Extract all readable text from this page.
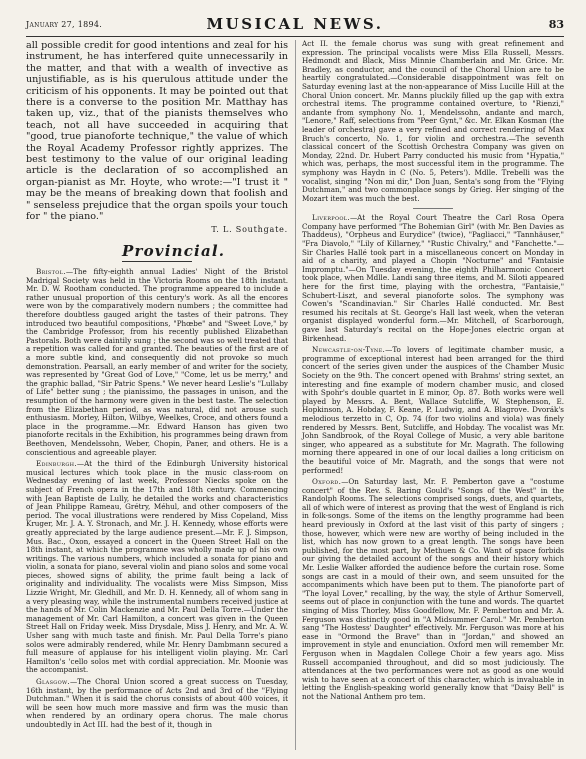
January 27, 1894.	MUSICAL NEWS.	83

all possible credit for good intentions and zeal for his instrument, he has interfered quite unnecessarily in the matter, and that with a wealth of invective as unjustifiable, as is his querulous attitude under the criticism of his opponents. It may be pointed out that there is a converse to the position Mr. Matthay has taken up, viz., that of the pianists themselves who teach, not all have succeeded in acquiring that "good, true pianoforte technique," the value of which the Royal Academy Professor rightly apprizes. The best testimony to the value of our original leading article is the declaration of so accomplished an organ-pianist as Mr. Hoyte, who wrote:—"I trust it " may be the means of breaking down that foolish and " senseless prejudice that the organ spoils your touch for " the piano."

T. L. Southgate.

Provincial.

Bristol.—The fifty-eighth annual Ladies' Night of the Bristol Madrigal Society was held in the Victoria Rooms on the 18th instant. Mr. D. W. Rootham conducted. The programme appeared to include a rather unusual proportion of this century's work. As all the encores were won by the comparatively modern numbers ; the committee had therefore doubtless gauged aright the tastes of their patrons. They introduced two beautiful compositions, "Phœbe" and "Sweet Love," by the Cambridge Professor, from his recently published Elizabethan Pastorals. Both were daintily sung ; the second was so well treated that a repetition was called for and granted. The beauties of the first are of a more subtle kind, and consequently did not provoke so much demonstration. Pearsall, an early member of and writer for the society, was represented by "Great God of Love," "Come, let us be merry," and the graphic ballad, "Sir Patric Spens." We never heard Leslie's "Lullaby of Life" better sung ; the pianissimo, the passages in unison, and the resumption of the harmony were given in the best taste. The selection from the Elizabethan period, as was natural, did not arouse such enthusiasm. Morley, Hilton, Wilbye, Weelkes, Croce, and others found a place in the programme.—Mr. Edward Hanson has given two pianoforte recitals in the Exhibition, his programmes being drawn from Beethoven, Mendelssohn, Weber, Chopin, Paner, and others. He is a conscientious and agreeable player.

Edinburgh.—At the third of the Edinburgh University historical musical lectures which took place in the music class-room on Wednesday evening of last week, Professor Niecks spoke on the subject of French opera in the 17th and 18th century. Commencing with Jean Baptiste de Lully, he detailed the works and characteristics of Jean Philippe Rameau, Grétry, Méhul, and other composers of the period. The vocal illustrations were rendered by Miss Copeland, Miss Kruger, Mr. J. A. Y. Stronach, and Mr. J. H. Kennedy, whose efforts were greatly appreciated by the large audience present.—Mr. F. J. Simpson, Mus. Bac., Oxon, essayed a concert in the Queen Street Hall on the 18th instant, at which the programme was wholly made up of his own writings. The various numbers, which included a sonata for piano and violin, a sonata for piano, several violin and piano solos and some vocal pieces, showed signs of ability, the prime fault being a lack of originality and individuality. The vocalists were Miss Simpson, Miss Lizzie Wright, Mr. Gledhill, and Mr. D. H. Kennedy, all of whom sang in a very pleasing way, while the instrumental numbers received justice at the hands of Mr. Colin Mackenzie and Mr. Paul Della Torre.—Under the management of Mr. Carl Hamilton, a concert was given in the Queen Street Hall on Friday week. Miss Drysdale, Miss J. Henry, and Mr. A. W. Usher sang with much taste and finish. Mr. Paul Della Torre's piano solos were admirably rendered, while Mr. Henry Dambmann secured a full measure of applause for his intelligent violin playing. Mr. Carl Hamilton's 'cello solos met with cordial appreciation. Mr. Moonie was the accompanist.

Glasgow.—The Choral Union scored a great success on Tuesday, 16th instant, by the performance of Acts 2nd and 3rd of the "Flying Dutchman." When it is said the chorus consists of about 400 voices, it will be seen how much more massive and firm was the music than when rendered by an ordinary opera chorus. The male chorus undoubtedly in Act III. had the best of it, though in

Act II. the female chorus was sung with great refinement and expression. The principal vocalists were Miss Ella Russell, Messrs. Hedmondt and Black, Miss Minnie Chamberlain and Mr. Grice. Mr. Bradley, as conductor, and the council of the Choral Union are to be heartily congratulated.—Considerable disappointment was felt on Saturday evening last at the non-appearance of Miss Lucille Hill at the Choral Union concert. Mr. Manns pluckily filled up the gap with extra orchestral items. The programme contained overture, to "Rienzi," andante from symphony No. 1, Mendelssohn, andante and march, "Lenore," Raff, selections from "Peer Gynt," &c. Mr. Elkan Kosman (the leader of orchestra) gave a very refined and correct rendering of Max Bruch's concerto, No. 1, for violin and orchestra.—The seventh classical concert of the Scottish Orchestra Company was given on Monday, 22nd. Dr. Hubert Parry conducted his music from "Hypatia," which was, perhaps, the most successful item in the programme. The symphony was Haydn in C (No. 5, Peters'). Mdlle. Trebelli was the vocalist, singing "Non mi dir," Don Juan, Senta's song from the "Flying Dutchman," and two commonplace songs by Grieg. Her singing of the Mozart item was much the best.

Liverpool.—At the Royal Court Theatre the Carl Rosa Opera Company have performed "The Bohemian Girl" (with Mr. Ben Davies as Thaddeus), "Orpheus and Eurydice" (twice), "Pagliacci," "Tannhäuser," "Fra Diavolo," "Lily of Killarney," "Rustic Chivalry," and "Fanchette."—Sir Charles Hallé took part in a miscellaneous concert on Monday in aid of a charity, and played a Chopin "Nocturne" and "Fantaisie Impromptu."—On Tuesday evening, the eighth Philharmonic Concert took place, when Mdlle. Landi sang three items, and M. Siloti appeared here for the first time, playing with the orchestra, "Fantaisie," Schubert-Liszt, and several pianoforte solos. The symphony was Cowen's "Scandinavian." Sir Charles Hallé conducted. Mr. Best resumed his recitals at St. George's Hall last week, when the veteran organist displayed wonderful form.—Mr. Mitchell, of Scarborough, gave last Saturday's recital on the Hope-Jones electric organ at Birkenhead.

Newcastle-on-Tyne.—To lovers of legitimate chamber music, a programme of exceptional interest had been arranged for the third concert of the series given under the auspices of the Chamber Music Society on the 9th. The concert opened with Brahms' string sextet, an interesting and fine example of modern chamber music, and closed with Spohr's double quartet in E minor, Op. 87. Both works were well played by Messrs. A. Bent, Wallace Sutcliffe, W. Stephenson, E. Hopkinson, A. Hobday, F. Keane, P. Ludwig, and A. Blagrove. Dvorák's melodious terzetto in C, Op. 74 (for two violins and viola) was finely rendered by Messrs. Bent, Sutcliffe, and Hobday. The vocalist was Mr. John Sandbrook, of the Royal College of Music, a very able baritone singer, who appeared as a substitute for Mr. Magrath. The following morning there appeared in one of our local dailies a long criticism on the beautiful voice of Mr. Magrath, and the songs that were not performed!

Oxford.—On Saturday last, Mr. F. Pemberton gave a "costume concert" of the Rev. S. Baring Gould's "Songs of the West" in the Randolph Rooms. The selections comprised songs, duets, and quartets, all of which were of interest as proving that the west of England is rich in folk-songs. Some of the items on the lengthy programme had been heard previously in Oxford at the last visit of this party of singers ; those, however, which were new are worthy of being included in the list, which has now grown to a great length. The songs have been published, for the most part, by Methuen & Co. Want of space forbids our giving the detailed account of the songs and their history which Mr. Leslie Walker afforded the audience before the curtain rose. Some songs are cast in a mould of their own, and seem unsuited for the accompaniments which have been put to them. The pianoforte part of "The loyal Lover," recalling, by the way, the style of Arthur Somervell, seems out of place in conjunction with the tune and words. The quartet singing of Miss Thorley, Miss Goodfellow, Mr. F. Pemberton and Mr. A. Ferguson was distinctly good in "A Midsummer Carol." Mr. Pemberton sang "The Hostess' Daughter" effectively. Mr. Ferguson was more at his ease in "Ormond the Brave" than in "Jordan," and showed an improvement in style and enunciation. Oxford men will remember Mr. Ferguson when in Magdalen College Choir a few years ago. Miss Russell accompanied throughout, and did so most judiciously. The attendances at the two performances were not as good as one would wish to have seen at a concert of this character, which is invaluable in letting the English-speaking world generally know that "Daisy Bell" is not the National Anthem pro tem.
